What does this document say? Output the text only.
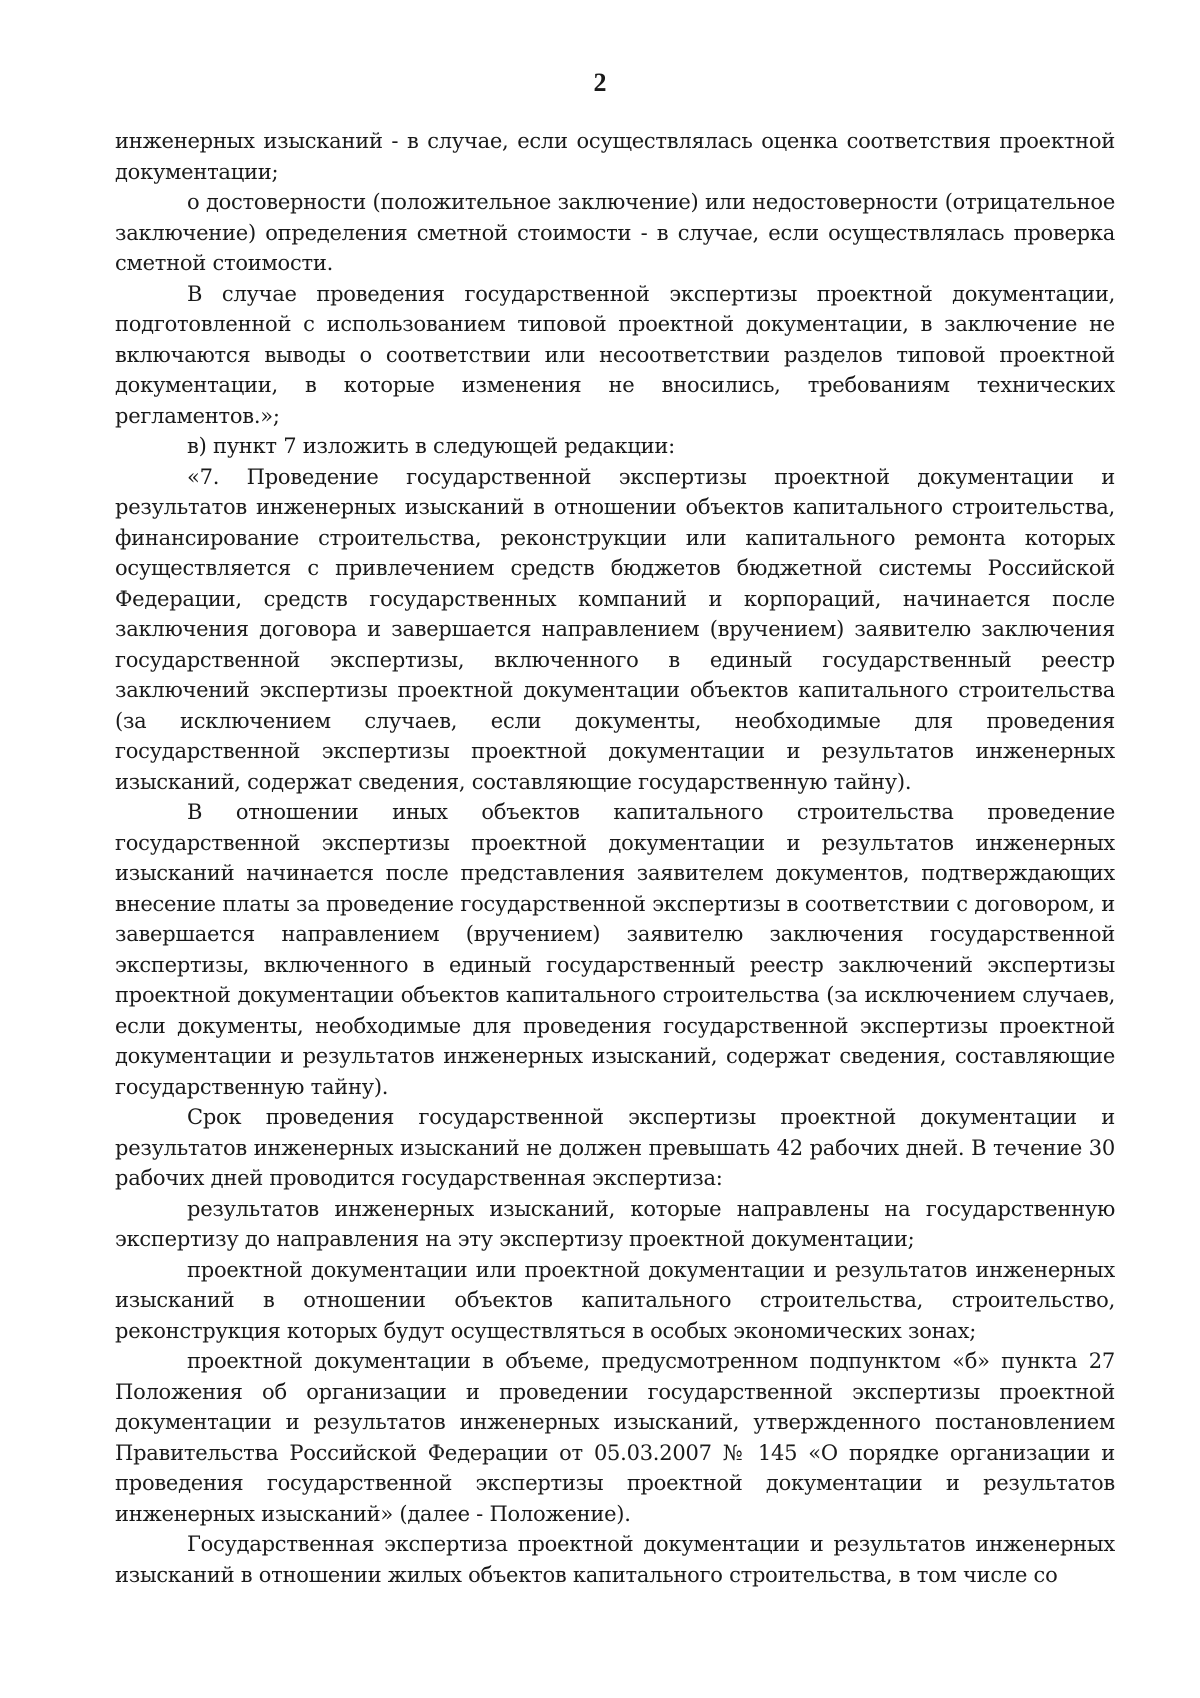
2

инженерных изысканий - в случае, если осуществлялась оценка соответствия проектной документации;

о достоверности (положительное заключение) или недостоверности (отрицательное заключение) определения сметной стоимости - в случае, если осуществлялась проверка сметной стоимости.

В случае проведения государственной экспертизы проектной документации, подготовленной с использованием типовой проектной документации, в заключение не включаются выводы о соответствии или несоответствии разделов типовой проектной документации, в которые изменения не вносились, требованиям технических регламентов.»;

в) пункт 7 изложить в следующей редакции:

«7. Проведение государственной экспертизы проектной документации и результатов инженерных изысканий в отношении объектов капитального строительства, финансирование строительства, реконструкции или капитального ремонта которых осуществляется с привлечением средств бюджетов бюджетной системы Российской Федерации, средств государственных компаний и корпораций, начинается после заключения договора и завершается направлением (вручением) заявителю заключения государственной экспертизы, включенного в единый государственный реестр заключений экспертизы проектной документации объектов капитального строительства (за исключением случаев, если документы, необходимые для проведения государственной экспертизы проектной документации и результатов инженерных изысканий, содержат сведения, составляющие государственную тайну).

В отношении иных объектов капитального строительства проведение государственной экспертизы проектной документации и результатов инженерных изысканий начинается после представления заявителем документов, подтверждающих внесение платы за проведение государственной экспертизы в соответствии с договором, и завершается направлением (вручением) заявителю заключения государственной экспертизы, включенного в единый государственный реестр заключений экспертизы проектной документации объектов капитального строительства (за исключением случаев, если документы, необходимые для проведения государственной экспертизы проектной документации и результатов инженерных изысканий, содержат сведения, составляющие государственную тайну).

Срок проведения государственной экспертизы проектной документации и результатов инженерных изысканий не должен превышать 42 рабочих дней. В течение 30 рабочих дней проводится государственная экспертиза:

результатов инженерных изысканий, которые направлены на государственную экспертизу до направления на эту экспертизу проектной документации;

проектной документации или проектной документации и результатов инженерных изысканий в отношении объектов капитального строительства, строительство, реконструкция которых будут осуществляться в особых экономических зонах;

проектной документации в объеме, предусмотренном подпунктом «б» пункта 27 Положения об организации и проведении государственной экспертизы проектной документации и результатов инженерных изысканий, утвержденного постановлением Правительства Российской Федерации от 05.03.2007 № 145 «О порядке организации и проведения государственной экспертизы проектной документации и результатов инженерных изысканий» (далее - Положение).

Государственная экспертиза проектной документации и результатов инженерных изысканий в отношении жилых объектов капитального строительства, в том числе со
